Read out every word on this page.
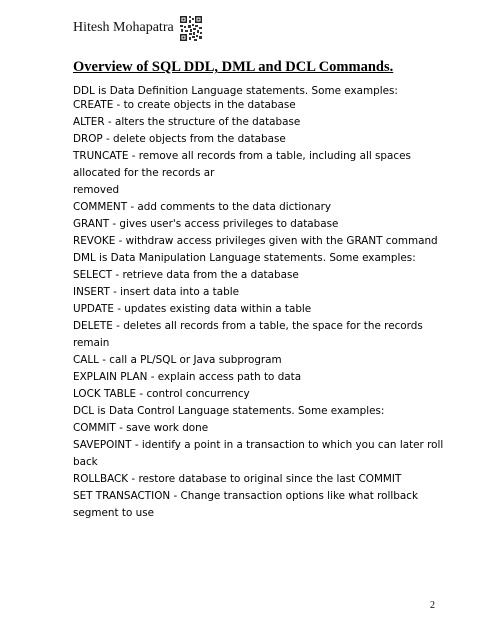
Hitesh Mohapatra
Overview of SQL DDL, DML and DCL Commands.
DDL is Data Definition Language statements. Some examples:
CREATE - to create objects in the database
ALTER - alters the structure of the database
DROP - delete objects from the database
TRUNCATE - remove all records from a table, including all spaces
allocated for the records ar
removed
COMMENT - add comments to the data dictionary
GRANT - gives user's access privileges to database
REVOKE - withdraw access privileges given with the GRANT command
DML is Data Manipulation Language statements. Some examples:
SELECT - retrieve data from the a database
INSERT - insert data into a table
UPDATE - updates existing data within a table
DELETE - deletes all records from a table, the space for the records
remain
CALL - call a PL/SQL or Java subprogram
EXPLAIN PLAN - explain access path to data
LOCK TABLE - control concurrency
DCL is Data Control Language statements. Some examples:
COMMIT - save work done
SAVEPOINT - identify a point in a transaction to which you can later roll
back
ROLLBACK - restore database to original since the last COMMIT
SET TRANSACTION - Change transaction options like what rollback
segment to use
2
